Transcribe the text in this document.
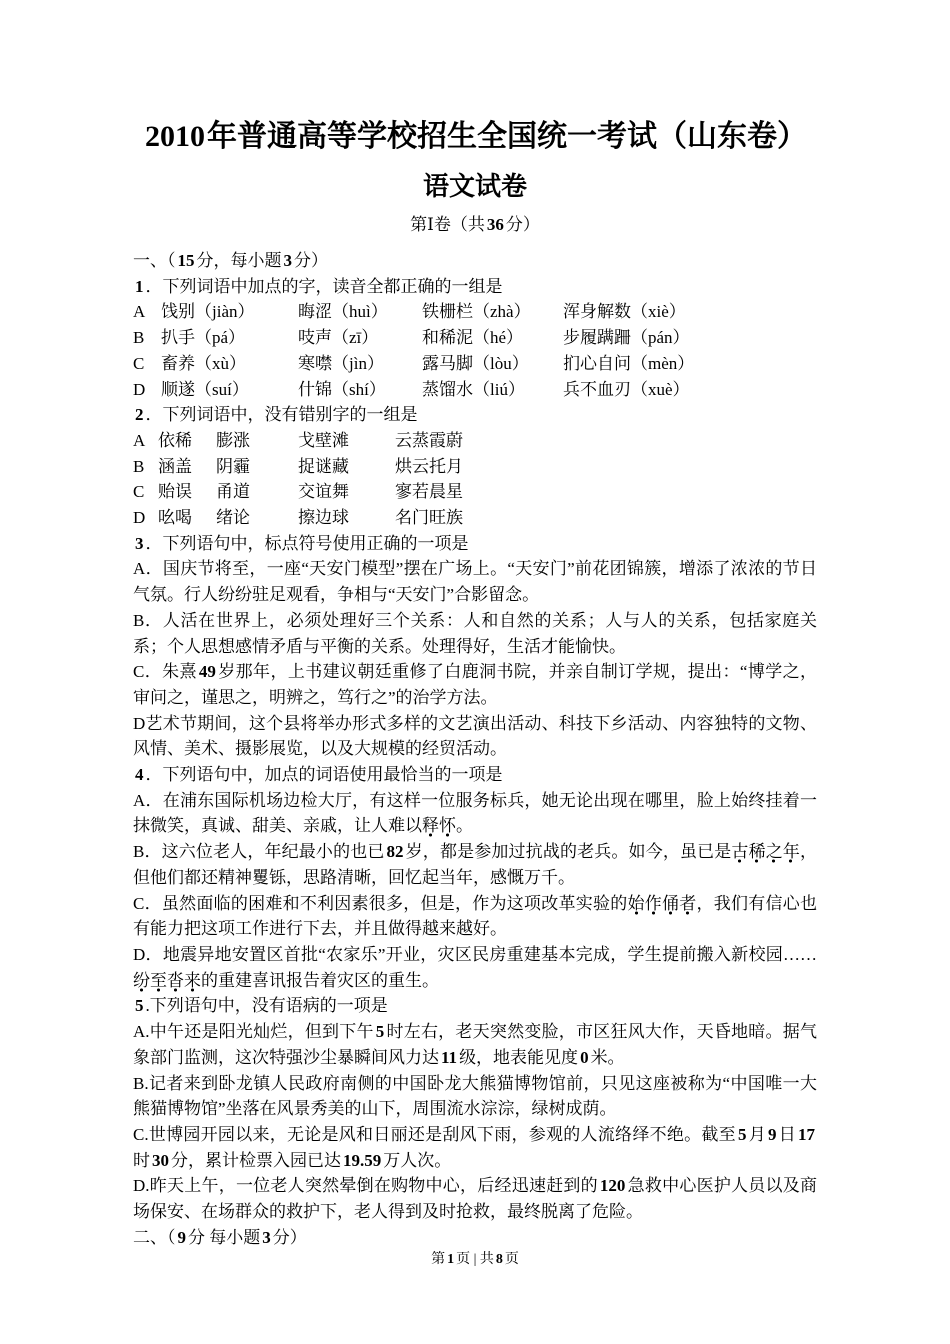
2010年普通高等学校招生全国统一考试（山东卷）
语文试卷
第Ⅰ卷（共 36 分）
一、（ 15 分，每小题 3 分）
1 ．下列词语中加点的字，读音全都正确的一组是
A 饯别（jiàn）	晦涩（huì）	铁栅栏（zhà）	浑身解数（xiè）
B 扒手（pá）	吱声（zī）	和稀泥（hé）	步履蹒跚（pán）
C 畜养（xù）	寒噤（jìn）	露马脚（lòu）	扪心自问（mèn）
D 顺遂（suí）	什锦（shí）	蒸馏水（liú）	兵不血刃（xuè）
2 ．下列词语中，没有错别字的一组是
A 依稀	膨涨	戈壁滩	云蒸霞蔚
B 涵盖	阴霾	捉谜藏	烘云托月
C 贻误	甬道	交谊舞	寥若晨星
D 吆喝	绪论	擦边球	名门旺族
3 ．下列语句中，标点符号使用正确的一项是
A．国庆节将至，一座“天安门模型”摆在广场上。“天安门”前花团锦簇，增添了浓浓的节日气氛。行人纷纷驻足观看，争相与“天安门”合影留念。
B．人活在世界上，必须处理好三个关系：人和自然的关系；人与人的关系，包括家庭关系；个人思想感情矛盾与平衡的关系。处理得好，生活才能愉快。
C．朱熹 49 岁那年，上书建议朝廷重修了白鹿洞书院，并亲自制订学规，提出：“博学之，审问之，谨思之，明辨之，笃行之”的治学方法。
D艺术节期间，这个县将举办形式多样的文艺演出活动、科技下乡活动、内容独特的文物、风情、美术、摄影展览，以及大规模的经贸活动。
4 ．下列语句中，加点的词语使用最恰当的一项是
A．在浦东国际机场边检大厅，有这样一位服务标兵，她无论出现在哪里，脸上始终挂着一抹微笑，真诚、甜美、亲戚，让人难以释怀。
B．这六位老人，年纪最小的也已 82 岁，都是参加过抗战的老兵。如今，虽已是古稀之年，但他们都还精神矍铄，思路清晰，回忆起当年，感慨万千。
C．虽然面临的困难和不利因素很多，但是，作为这项改革实验的始作俑者，我们有信心也有能力把这项工作进行下去，并且做得越来越好。
D．地震异地安置区首批“农家乐”开业，灾区民房重建基本完成，学生提前搬入新校园……纷至沓来的重建喜讯报告着灾区的重生。
5 .下列语句中，没有语病的一项是
A.中午还是阳光灿烂，但到下午 5 时左右，老天突然变脸，市区狂风大作，天昏地暗。据气象部门监测，这次特强沙尘暴瞬间风力达 11 级，地表能见度 0 米。
B.记者来到卧龙镇人民政府南侧的中国卧龙大熊猫博物馆前，只见这座被称为“中国唯一大熊猫博物馆”坐落在风景秀美的山下，周围流水淙淙，绿树成荫。
C.世博园开园以来，无论是风和日丽还是刮风下雨，参观的人流络绎不绝。截至 5 月 9 日 17时 30 分，累计检票入园已达 19.59 万人次。
D.昨天上午，一位老人突然晕倒在购物中心，后经迅速赶到的 120 急救中心医护人员以及商场保安、在场群众的救护下，老人得到及时抢救，最终脱离了危险。
二、（ 9 分 每小题 3 分）
第 1 页 | 共 8 页
